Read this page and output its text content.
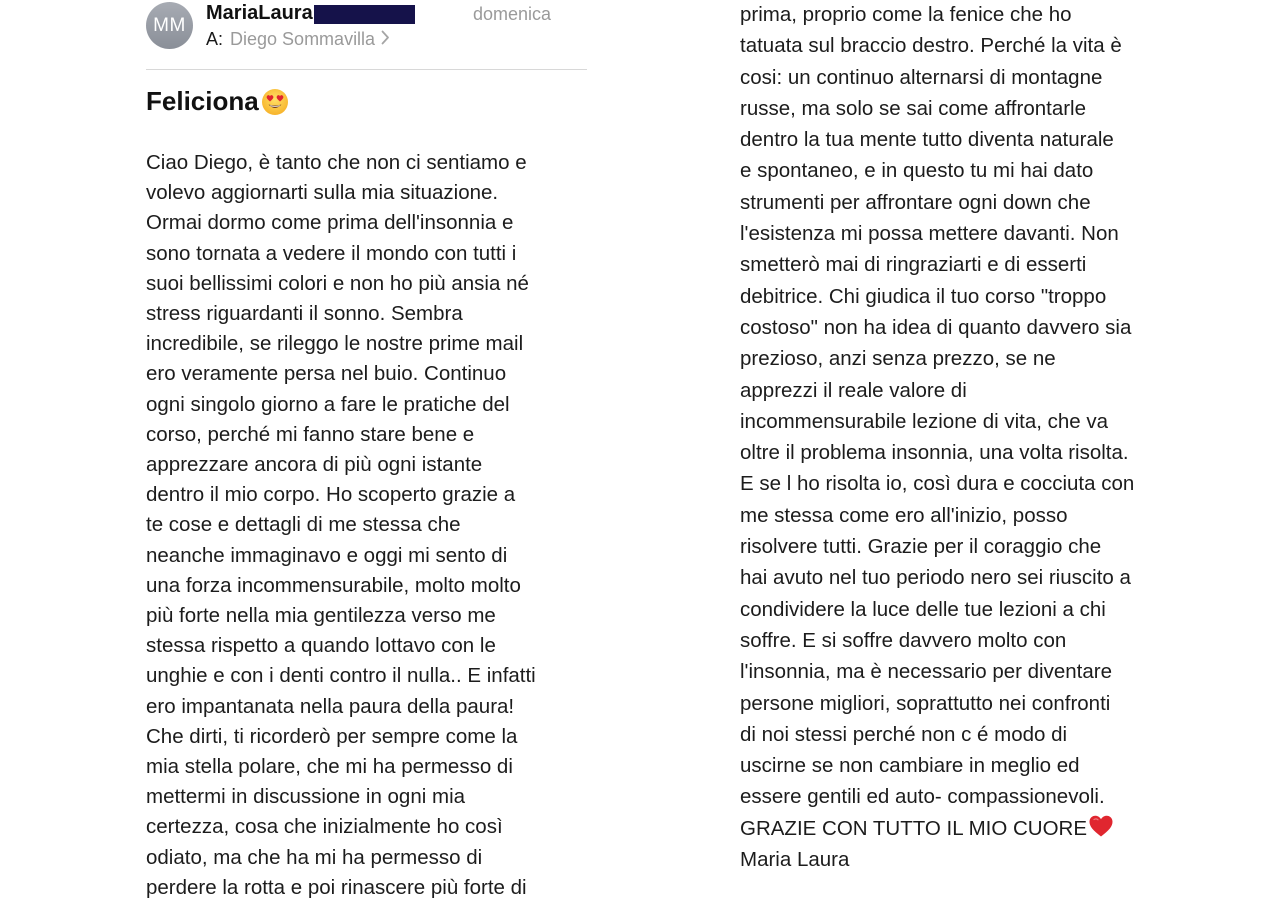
MM
MariaLaura	domenica
A: Diego Sommavilla
Feliciona
Ciao Diego, è tanto che non ci sentiamo e
volevo aggiornarti sulla mia situazione.
Ormai dormo come prima dell'insonnia e
sono tornata a vedere il mondo con tutti i
suoi bellissimi colori e non ho più ansia né
stress riguardanti il sonno. Sembra
incredibile, se rileggo le nostre prime mail
ero veramente persa nel buio. Continuo
ogni singolo giorno a fare le pratiche del
corso, perché mi fanno stare bene e
apprezzare ancora di più ogni istante
dentro il mio corpo. Ho scoperto grazie a
te cose e dettagli di me stessa che
neanche immaginavo e oggi mi sento di
una forza incommensurabile, molto molto
più forte nella mia gentilezza verso me
stessa rispetto a quando lottavo con le
unghie e con i denti contro il nulla.. E infatti
ero impantanata nella paura della paura!
Che dirti, ti ricorderò per sempre come la
mia stella polare, che mi ha permesso di
mettermi in discussione in ogni mia
certezza, cosa che inizialmente ho così
odiato, ma che ha mi ha permesso di
perdere la rotta e poi rinascere più forte di
prima, proprio come la fenice che ho
tatuata sul braccio destro. Perché la vita è
cosi: un continuo alternarsi di montagne
russe, ma solo se sai come affrontarle
dentro la tua mente tutto diventa naturale
e spontaneo, e in questo tu mi hai dato
strumenti per affrontare ogni down che
l'esistenza mi possa mettere davanti. Non
smetterò mai di ringraziarti e di esserti
debitrice. Chi giudica il tuo corso "troppo
costoso" non ha idea di quanto davvero sia
prezioso, anzi senza prezzo, se ne
apprezzi il reale valore di
incommensurabile lezione di vita, che va
oltre il problema insonnia, una volta risolta.
E se l ho risolta io, così dura e cocciuta con
me stessa come ero all'inizio, posso
risolvere tutti. Grazie per il coraggio che
hai avuto nel tuo periodo nero sei riuscito a
condividere la luce delle tue lezioni a chi
soffre. E si soffre davvero molto con
l'insonnia, ma è necessario per diventare
persone migliori, soprattutto nei confronti
di noi stessi perché non c é modo di
uscirne se non cambiare in meglio ed
essere gentili ed auto- compassionevoli.
GRAZIE CON TUTTO IL MIO CUORE
Maria Laura
